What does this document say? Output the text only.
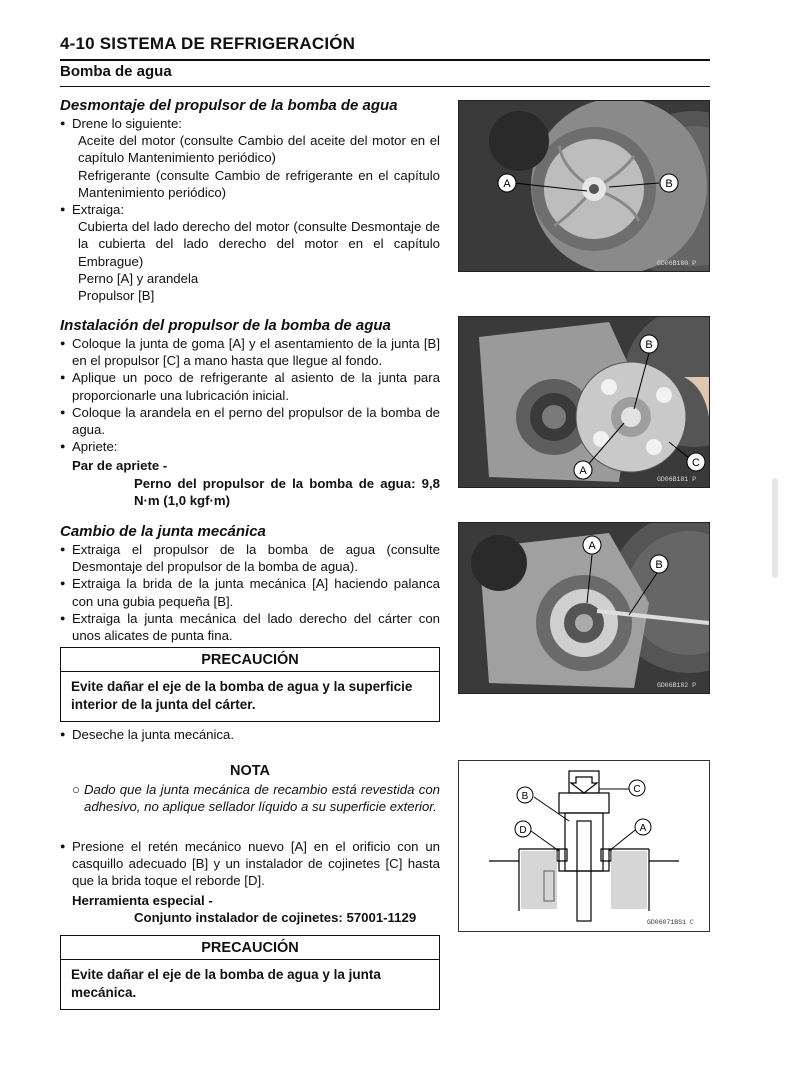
4-10 SISTEMA DE REFRIGERACIÓN
Bomba de agua
Desmontaje del propulsor de la bomba de agua
● Drene lo siguiente:
Aceite del motor (consulte Cambio del aceite del motor en el capítulo Mantenimiento periódico)
Refrigerante (consulte Cambio de refrigerante en el capítulo Mantenimiento periódico)
● Extraiga:
Cubierta del lado derecho del motor (consulte Desmontaje de la cubierta del lado derecho del motor en el capítulo Embrague)
Perno [A] y arandela
Propulsor [B]
Instalación del propulsor de la bomba de agua
● Coloque la junta de goma [A] y el asentamiento de la junta [B] en el propulsor [C] a mano hasta que llegue al fondo.
● Aplique un poco de refrigerante al asiento de la junta para proporcionarle una lubricación inicial.
● Coloque la arandela en el perno del propulsor de la bomba de agua.
● Apriete:
Par de apriete -
Perno del propulsor de la bomba de agua: 9,8 N·m (1,0 kgf·m)
Cambio de la junta mecánica
● Extraiga el propulsor de la bomba de agua (consulte Desmontaje del propulsor de la bomba de agua).
● Extraiga la brida de la junta mecánica [A] haciendo palanca con una gubia pequeña [B].
● Extraiga la junta mecánica del lado derecho del cárter con unos alicates de punta fina.
PRECAUCIÓN
Evite dañar el eje de la bomba de agua y la superficie interior de la junta del cárter.
● Deseche la junta mecánica.
NOTA
○ Dado que la junta mecánica de recambio está revestida con adhesivo, no aplique sellador líquido a su superficie exterior.
● Presione el retén mecánico nuevo [A] en el orificio con un casquillo adecuado [B] y un instalador de cojinetes [C] hasta que la brida toque el reborde [D].
Herramienta especial -
Conjunto instalador de cojinetes: 57001-1129
PRECAUCIÓN
Evite dañar el eje de la bomba de agua y la junta mecánica.
A	B
GD06B180 P
B
A
C
GD06B181 P
A
B
GD06B182 P
B
C
D	A
GD06071BS1 C
